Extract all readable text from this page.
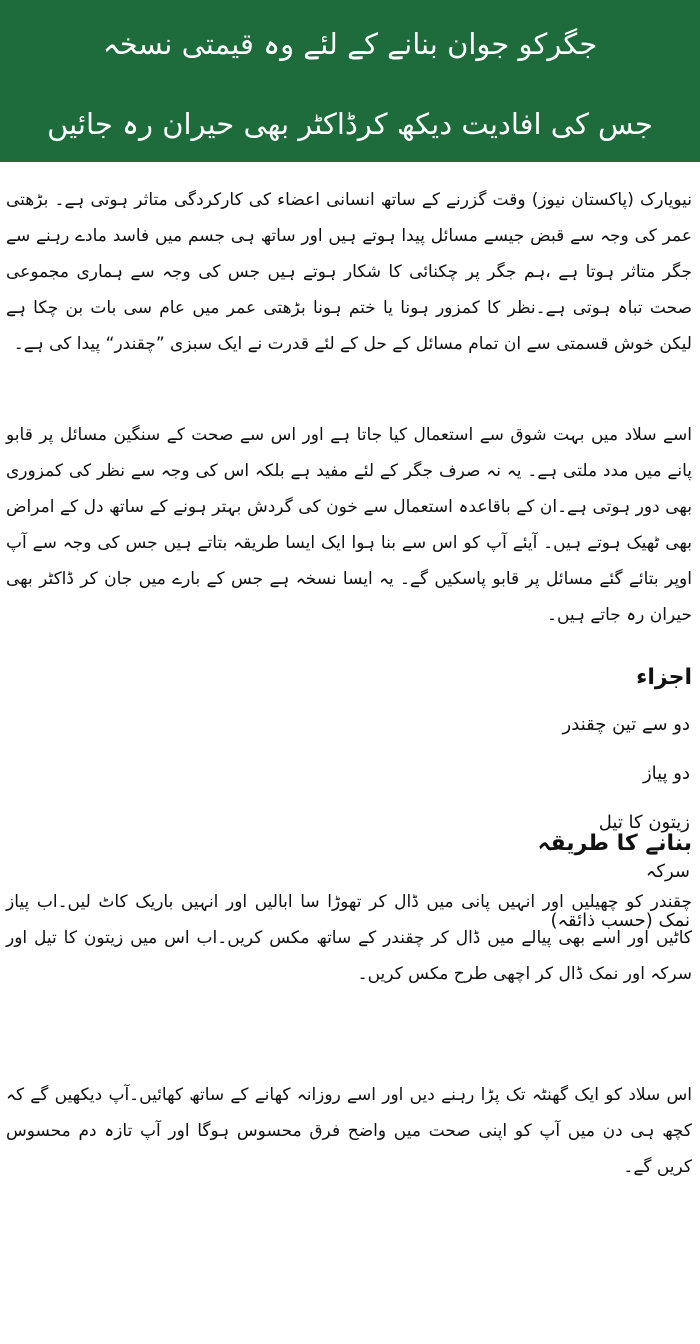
جگرکو جوان بنانے کے لئے وہ قیمتی نسخہ
جس کی افادیت دیکھ کرڈاکٹر بھی حیران رہ جائیں

نیویارک (پاکستان نیوز) وقت گزرنے کے ساتھ انسانی اعضاء کی کارکردگی متاثر ہوتی ہے۔ بڑھتی عمر کی وجہ سے قبض جیسے مسائل پیدا ہوتے ہیں اور ساتھ ہی جسم میں فاسد مادے رہنے سے جگر متاثر ہوتا ہے ،ہم جگر پر چکنائی کا شکار ہوتے ہیں جس کی وجہ سے ہماری مجموعی صحت تباہ ہوتی ہے۔نظر کا کمزور ہونا یا ختم ہونا بڑھتی عمر میں عام سی بات بن چکا ہے لیکن خوش قسمتی سے ان تمام مسائل کے حل کے لئے قدرت نے ایک سبزی ”چقندر“ پیدا کی ہے۔

اسے سلاد میں بہت شوق سے استعمال کیا جاتا ہے اور اس سے صحت کے سنگین مسائل پر قابو پانے میں مدد ملتی ہے۔ یہ نہ صرف جگر کے لئے مفید ہے بلکہ اس کی وجہ سے نظر کی کمزوری بھی دور ہوتی ہے۔ان کے باقاعدہ استعمال سے خون کی گردش بہتر ہونے کے ساتھ دل کے امراض بھی ٹھیک ہوتے ہیں۔ آیئے آپ کو اس سے بنا ہوا ایک ایسا طریقہ بتاتے ہیں جس کی وجہ سے آپ اوپر بتائے گئے مسائل پر قابو پاسکیں گے۔ یہ ایسا نسخہ ہے جس کے بارے میں جان کر ڈاکٹر بھی حیران رہ جاتے ہیں۔

اجزاء
دو سے تین چقندر
دو پیاز
زیتون کا تیل
سرکہ
نمک (حسب ذائقہ)
بنانے کا طریقہ

چقندر کو چھیلیں اور انہیں پانی میں ڈال کر تھوڑا سا ابالیں اور انہیں باریک کاٹ لیں۔اب پیاز کاٹیں اور اسے بھی پیالے میں ڈال کر چقندر کے ساتھ مکس کریں۔اب اس میں زیتون کا تیل اور سرکہ اور نمک ڈال کر اچھی طرح مکس کریں۔

اس سلاد کو ایک گھنٹہ تک پڑا رہنے دیں اور اسے روزانہ کھانے کے ساتھ کھائیں۔آپ دیکھیں گے کہ کچھ ہی دن میں آپ کو اپنی صحت میں واضح فرق محسوس ہوگا اور آپ تازہ دم محسوس کریں گے۔
